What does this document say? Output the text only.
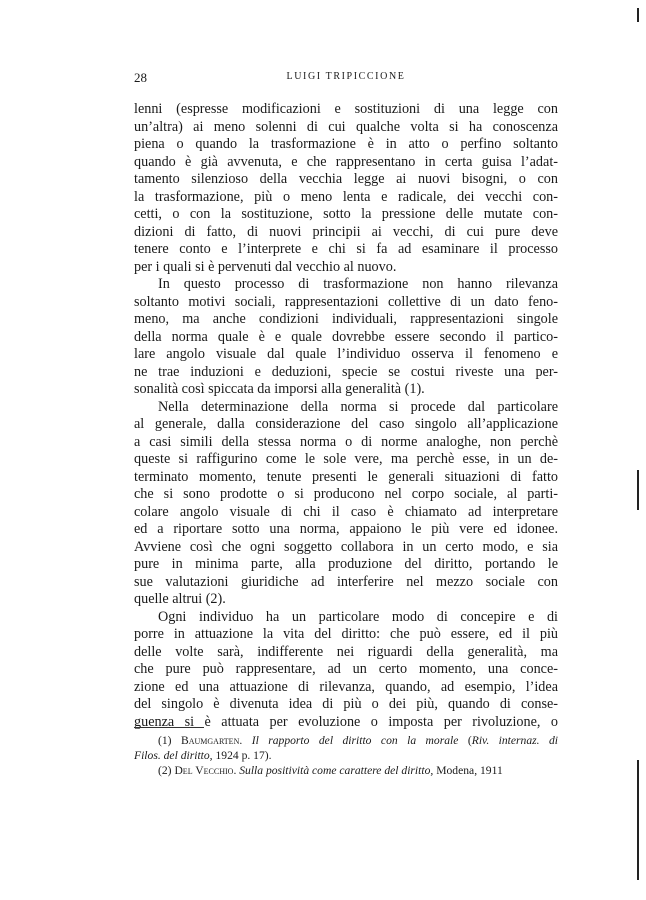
28	LUIGI TRIPICCIONE
lenni (espresse modificazioni e sostituzioni di una legge con
un’altra) ai meno solenni di cui qualche volta si ha conoscenza
piena o quando la trasformazione è in atto o perfino soltanto
quando è già avvenuta, e che rappresentano in certa guisa l’adat-
tamento silenzioso della vecchia legge ai nuovi bisogni, o con
la trasformazione, più o meno lenta e radicale, dei vecchi con-
cetti, o con la sostituzione, sotto la pressione delle mutate con-
dizioni di fatto, di nuovi principii ai vecchi, di cui pure deve
tenere conto e l’interprete e chi si fa ad esaminare il processo
per i quali si è pervenuti dal vecchio al nuovo.
In questo processo di trasformazione non hanno rilevanza
soltanto motivi sociali, rappresentazioni collettive di un dato feno-
meno, ma anche condizioni individuali, rappresentazioni singole
della norma quale è e quale dovrebbe essere secondo il partico-
lare angolo visuale dal quale l’individuo osserva il fenomeno e
ne trae induzioni e deduzioni, specie se costui riveste una per-
sonalità così spiccata da imporsi alla generalità (1).
Nella determinazione della norma si procede dal particolare
al generale, dalla considerazione del caso singolo all’applicazione
a casi simili della stessa norma o di norme analoghe, non perchè
queste si raffigurino come le sole vere, ma perchè esse, in un de-
terminato momento, tenute presenti le generali situazioni di fatto
che si sono prodotte o si producono nel corpo sociale, al parti-
colare angolo visuale di chi il caso è chiamato ad interpretare
ed a riportare sotto una norma, appaiono le più vere ed idonee.
Avviene così che ogni soggetto collabora in un certo modo, e sia
pure in minima parte, alla produzione del diritto, portando le
sue valutazioni giuridiche ad interferire nel mezzo sociale con
quelle altrui (2).
Ogni individuo ha un particolare modo di concepire e di
porre in attuazione la vita del diritto: che può essere, ed il più
delle volte sarà, indifferente nei riguardi della generalità, ma
che pure può rappresentare, ad un certo momento, una conce-
zione ed una attuazione di rilevanza, quando, ad esempio, l’idea
del singolo è divenuta idea di più o dei più, quando di conse-
guenza si è attuata per evoluzione o imposta per rivoluzione, o
(1) Baumgarten. Il rapporto del diritto con la morale (Riv. internaz. di
Filos. del diritto, 1924 p. 17).
(2) Del Vecchio. Sulla positività come carattere del diritto, Modena, 1911
